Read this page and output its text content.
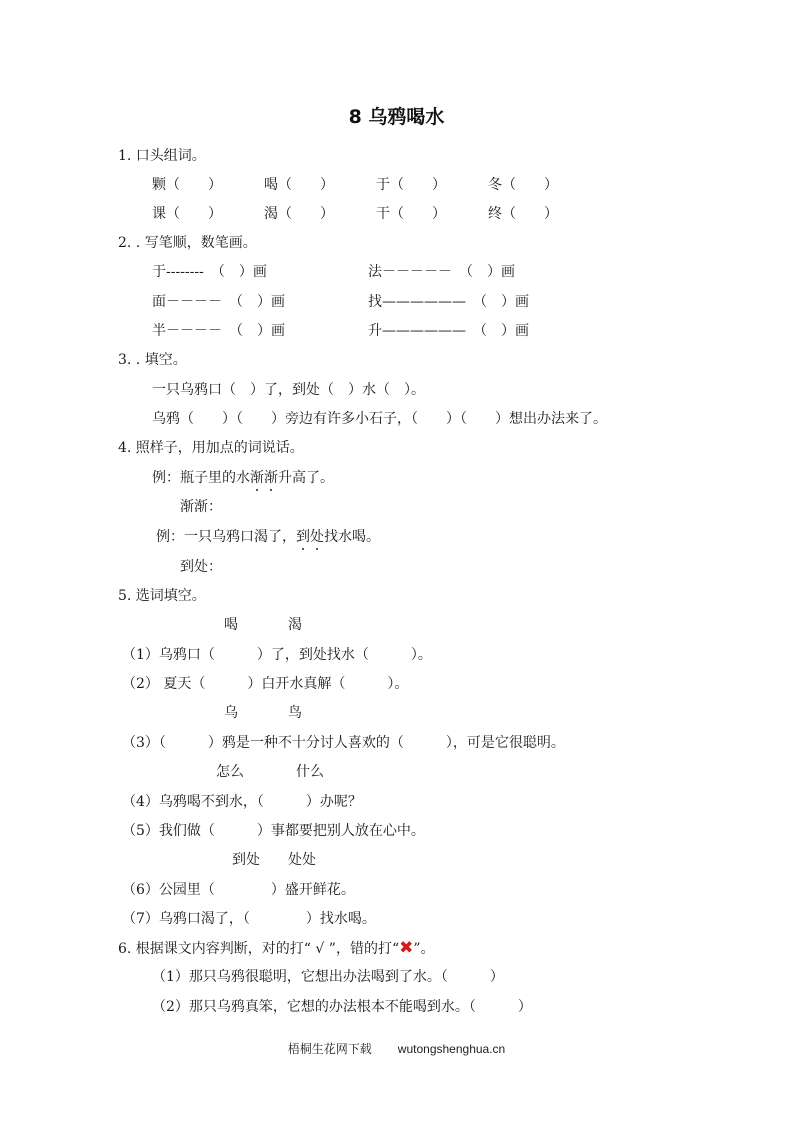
8 乌鸦喝水
1. 口头组词。
颗（　　）	喝（　　）	于（　　）	冬（　　）
课（　　）	渴（　　）	干（　　）	终（　　）
2. . 写笔顺，数笔画。
于--------　（　）画	法－－－－－　（　）画
面－－－－　（　）画	找——————　（　）画
半－－－－　（　）画	升——————　（　）画
3. . 填空。
一只乌鸦口（　）了，到处（　）水（　）。
乌鸦（　　）（　　）旁边有许多小石子，（　　）（　　）想出办法来了。
4. 照样子，用加点的词说话。
例：瓶子里的水渐渐升高了。
渐渐：
例：一只乌鸦口渴了，到处找水喝。
到处：
5. 选词填空。
喝	渴
（1）乌鸦口（　　　）了，到处找水（　　　）。
（2） 夏天（　　　）白开水真解（　　　）。
乌	鸟
（3）（　　　）鸦是一种不十分讨人喜欢的（　　　），可是它很聪明。
怎么	什么
（4）乌鸦喝不到水，（　　　）办呢？
（5）我们做（　　　）事都要把别人放在心中。
到处 处处
（6）公园里（　　　　）盛开鲜花。
（7）乌鸦口渴了，（　　　　）找水喝。
6. 根据课文内容判断，对的打“ √ ”，错的打“✖”。
（1）那只乌鸦很聪明，它想出办法喝到了水。（　　　）
（2）那只乌鸦真笨，它想的办法根本不能喝到水。（　　　）
梧桐生花网下载 wutongshenghua.cn
